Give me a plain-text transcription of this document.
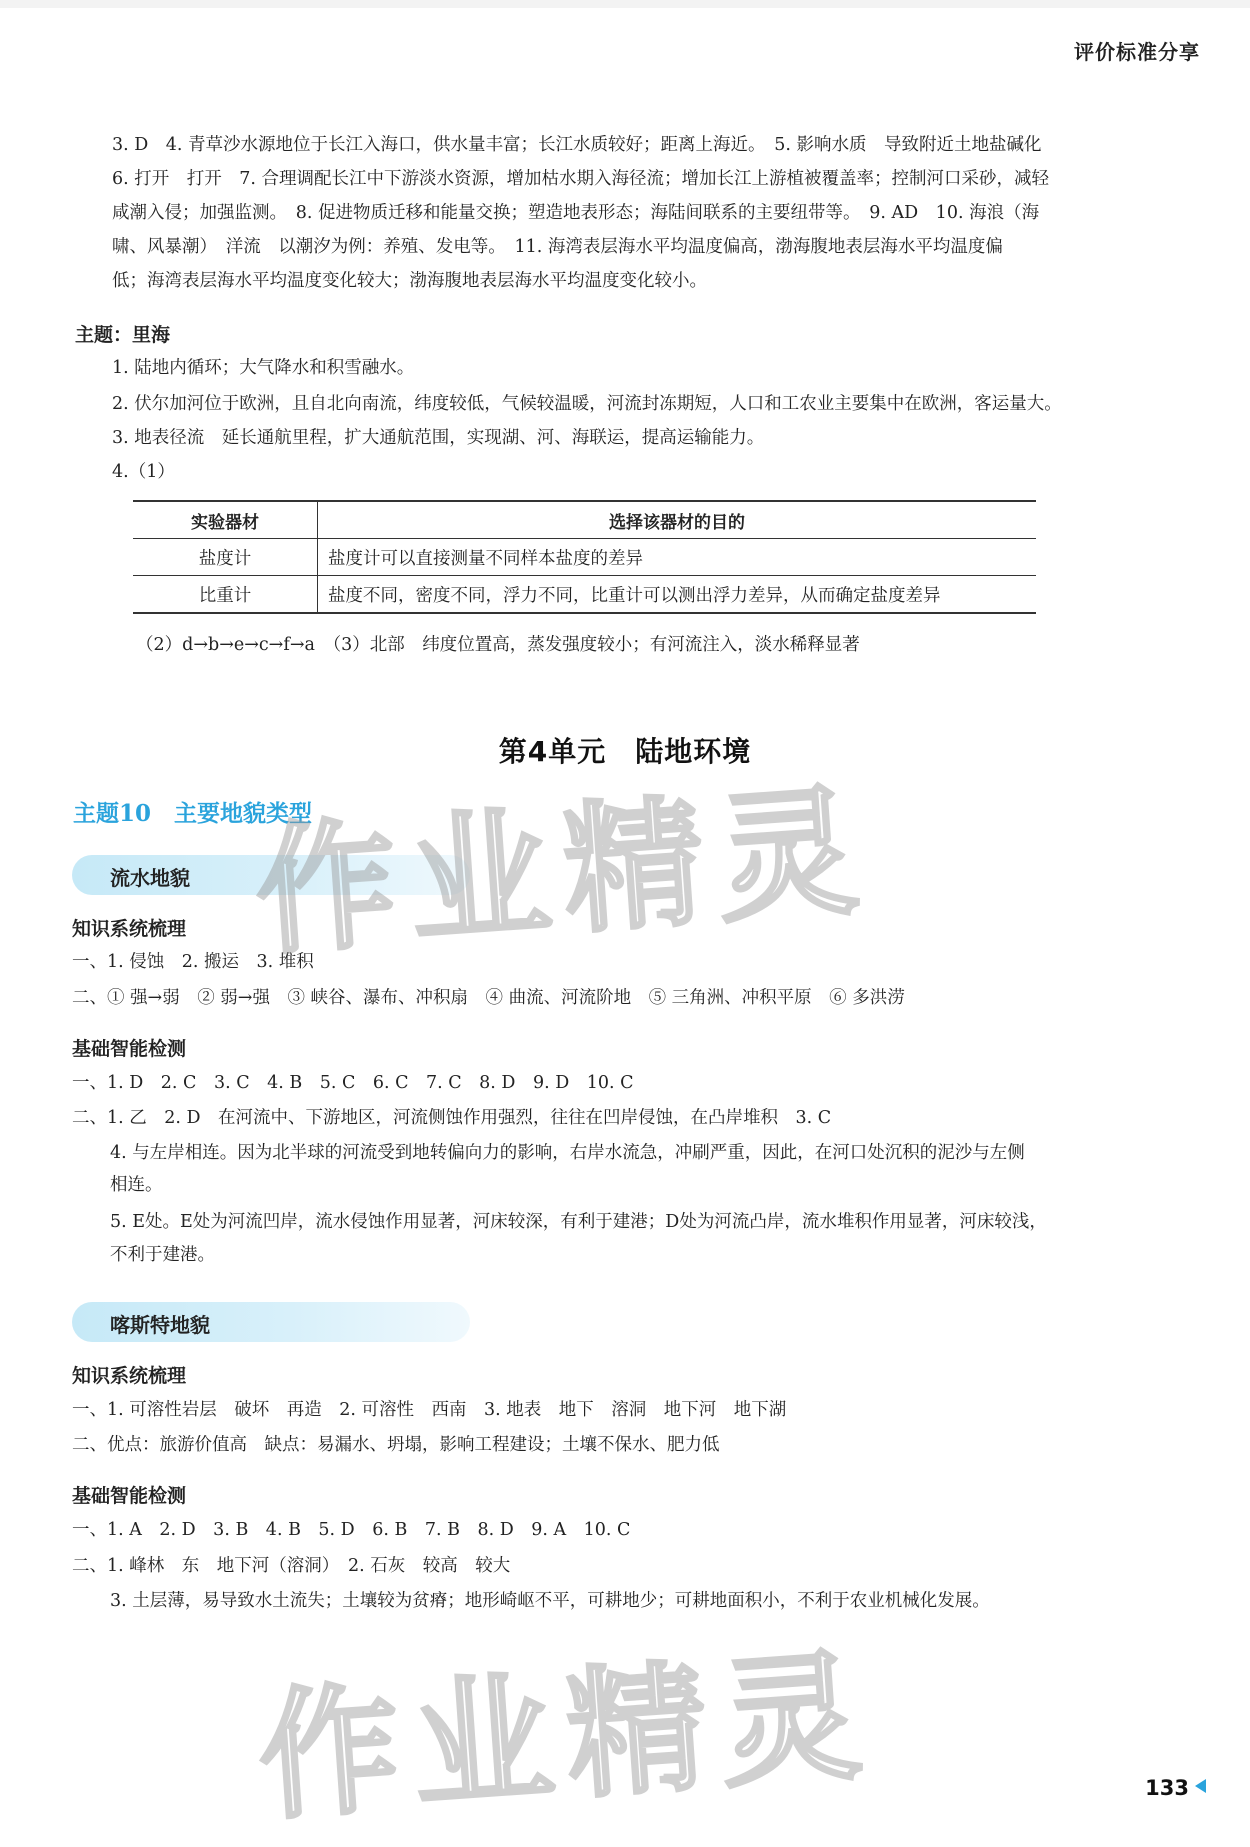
评价标准分享
3. D　4. 青草沙水源地位于长江入海口，供水量丰富；长江水质较好；距离上海近。　5. 影响水质　导致附近土地盐碱化
6. 打开　打开　7. 合理调配长江中下游淡水资源，增加枯水期入海径流；增加长江上游植被覆盖率；控制河口采砂，减轻
咸潮入侵；加强监测。　8. 促进物质迁移和能量交换；塑造地表形态；海陆间联系的主要纽带等。　9. AD　10. 海浪（海
啸、风暴潮）　洋流　以潮汐为例：养殖、发电等。　11. 海湾表层海水平均温度偏高，渤海腹地表层海水平均温度偏
低；海湾表层海水平均温度变化较大；渤海腹地表层海水平均温度变化较小。
主题：里海
1. 陆地内循环；大气降水和积雪融水。
2. 伏尔加河位于欧洲，且自北向南流，纬度较低，气候较温暖，河流封冻期短，人口和工农业主要集中在欧洲，客运量大。
3. 地表径流　延长通航里程，扩大通航范围，实现湖、河、海联运，提高运输能力。
4.（1）
实验器材	选择该器材的目的
盐度计	盐度计可以直接测量不同样本盐度的差异
比重计	盐度不同，密度不同，浮力不同，比重计可以测出浮力差异，从而确定盐度差异
（2）d→b→e→c→f→a　（3）北部　纬度位置高，蒸发强度较小；有河流注入，淡水稀释显著
第4单元　陆地环境
主题10　主要地貌类型
流水地貌
知识系统梳理
一、1. 侵蚀　2. 搬运　3. 堆积
二、① 强→弱　② 弱→强　③ 峡谷、瀑布、冲积扇　④ 曲流、河流阶地　⑤ 三角洲、冲积平原　⑥ 多洪涝
基础智能检测
一、1. D　2. C　3. C　4. B　5. C　6. C　7. C　8. D　9. D　10. C
二、1. 乙　2. D　在河流中、下游地区，河流侧蚀作用强烈，往往在凹岸侵蚀，在凸岸堆积　3. C
4. 与左岸相连。因为北半球的河流受到地转偏向力的影响，右岸水流急，冲刷严重，因此，在河口处沉积的泥沙与左侧
相连。
5. E处。E处为河流凹岸，流水侵蚀作用显著，河床较深，有利于建港；D处为河流凸岸，流水堆积作用显著，河床较浅，
不利于建港。
喀斯特地貌
知识系统梳理
一、1. 可溶性岩层　破坏　再造　2. 可溶性　西南　3. 地表　地下　溶洞　地下河　地下湖
二、优点：旅游价值高　缺点：易漏水、坍塌，影响工程建设；土壤不保水、肥力低
基础智能检测
一、1. A　2. D　3. B　4. B　5. D　6. B　7. B　8. D　9. A　10. C
二、1. 峰林　东　地下河（溶洞）　2. 石灰　较高　较大
3. 土层薄，易导致水土流失；土壤较为贫瘠；地形崎岖不平，可耕地少；可耕地面积小，不利于农业机械化发展。
作业精灵
作业精灵	133
